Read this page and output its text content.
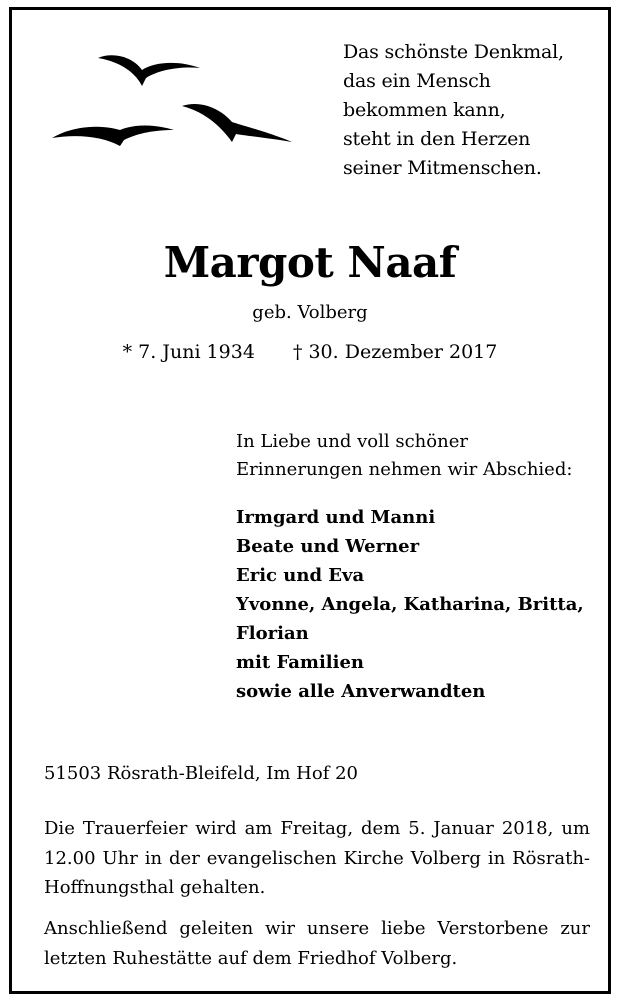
Das schönste Denkmal,
das ein Mensch
bekommen kann,
steht in den Herzen
seiner Mitmenschen.
Margot Naaf
geb. Volberg
* 7. Juni 1934 † 30. Dezember 2017
In Liebe und voll schöner
Erinnerungen nehmen wir Abschied:
Irmgard und Manni
Beate und Werner
Eric und Eva
Yvonne, Angela, Katharina, Britta,
Florian
mit Familien
sowie alle Anverwandten
51503 Rösrath-Bleifeld, Im Hof 20
Die Trauerfeier wird am Freitag, dem 5. Januar 2018, um 12.00 Uhr in der evangelischen Kirche Volberg in Rösrath-Hoffnungsthal gehalten.
Anschließend geleiten wir unsere liebe Verstorbene zur letzten Ruhestätte auf dem Friedhof Volberg.
